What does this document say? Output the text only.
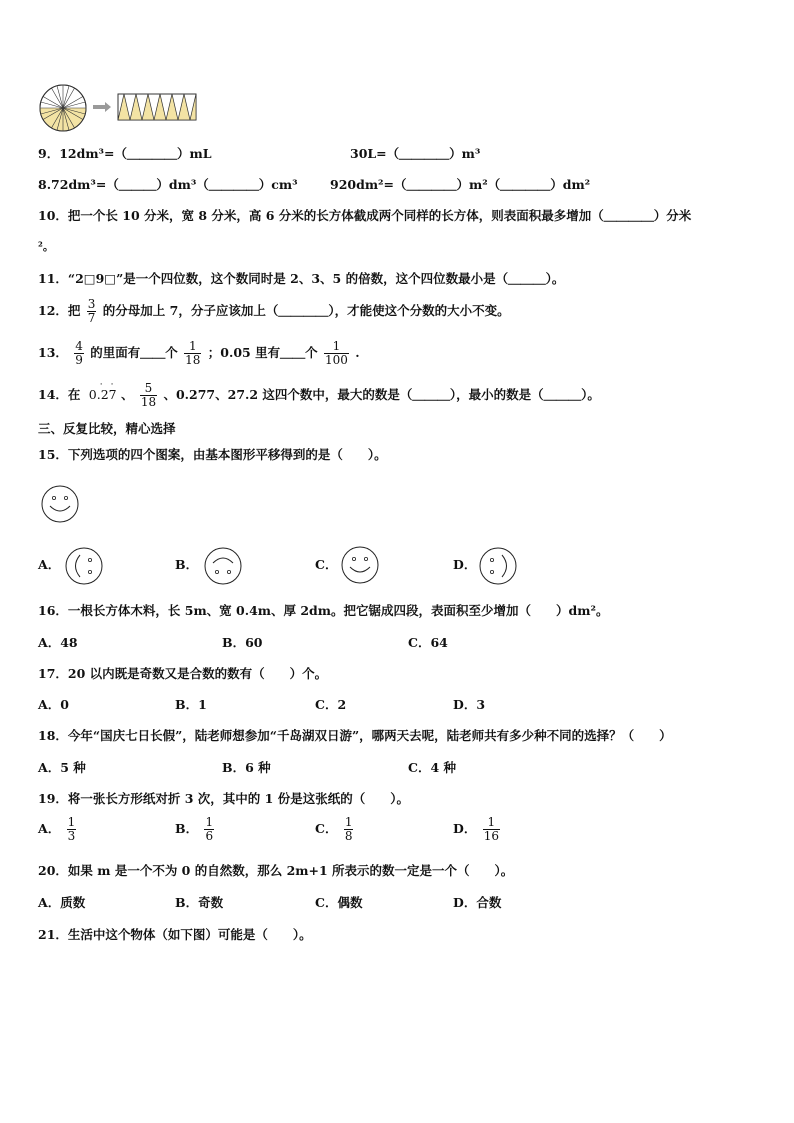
9．12dm³=（＿＿＿＿）mL	30L=（＿＿＿＿）m³
8.72dm³=（＿＿＿）dm³（＿＿＿＿）cm³	920dm²=（＿＿＿＿）m²（＿＿＿＿）dm²
10．把一个长 10 分米，宽 8 分米，高 6 分米的长方体截成两个同样的长方体，则表面积最多增加（＿＿＿＿）分米
²。
11．“2□9□”是一个四位数，这个数同时是 2、3、5 的倍数，这个四位数最小是（＿＿＿）。
12．把 $\frac{3}{7}$ 的分母加上 7，分子应该加上（＿＿＿＿），才能使这个分数的大小不变。
13． $\frac{4}{9}$ 的里面有＿＿个 $\frac{1}{18}$ ；0.05 里有＿＿个 $\frac{1}{100}$ .
14．在
··
0.27 、 $\frac{5}{18}$ 、0.277、27.2 这四个数中，最大的数是（＿＿＿），最小的数是（＿＿＿）。
三、反复比较，精心选择
15．下列选项的四个图案，由基本图形平移得到的是（　　）。
A．	B．	C．	D．
16．一根长方体木料，长 5m、宽 0.4m、厚 2dm。把它锯成四段，表面积至少增加（　　）dm²。
A．48	B．60	C．64
17．20 以内既是奇数又是合数的数有（　　）个。
A．0	B．1	C．2	D．3
18．今年“国庆七日长假”，陆老师想参加“千岛湖双日游”，哪两天去呢，陆老师共有多少种不同的选择？（　　）
A．5 种	B．6 种	C．4 种
19．将一张长方形纸对折 3 次，其中的 1 份是这张纸的（　　）。
A． $\frac{1}{3}$	B． $\frac{1}{6}$	C． $\frac{1}{8}$	D． $\frac{1}{16}$
20．如果 m 是一个不为 0 的自然数，那么 2m+1 所表示的数一定是一个（　　）。
A．质数	B．奇数	C．偶数	D．合数
21．生活中这个物体（如下图）可能是（　　）。
